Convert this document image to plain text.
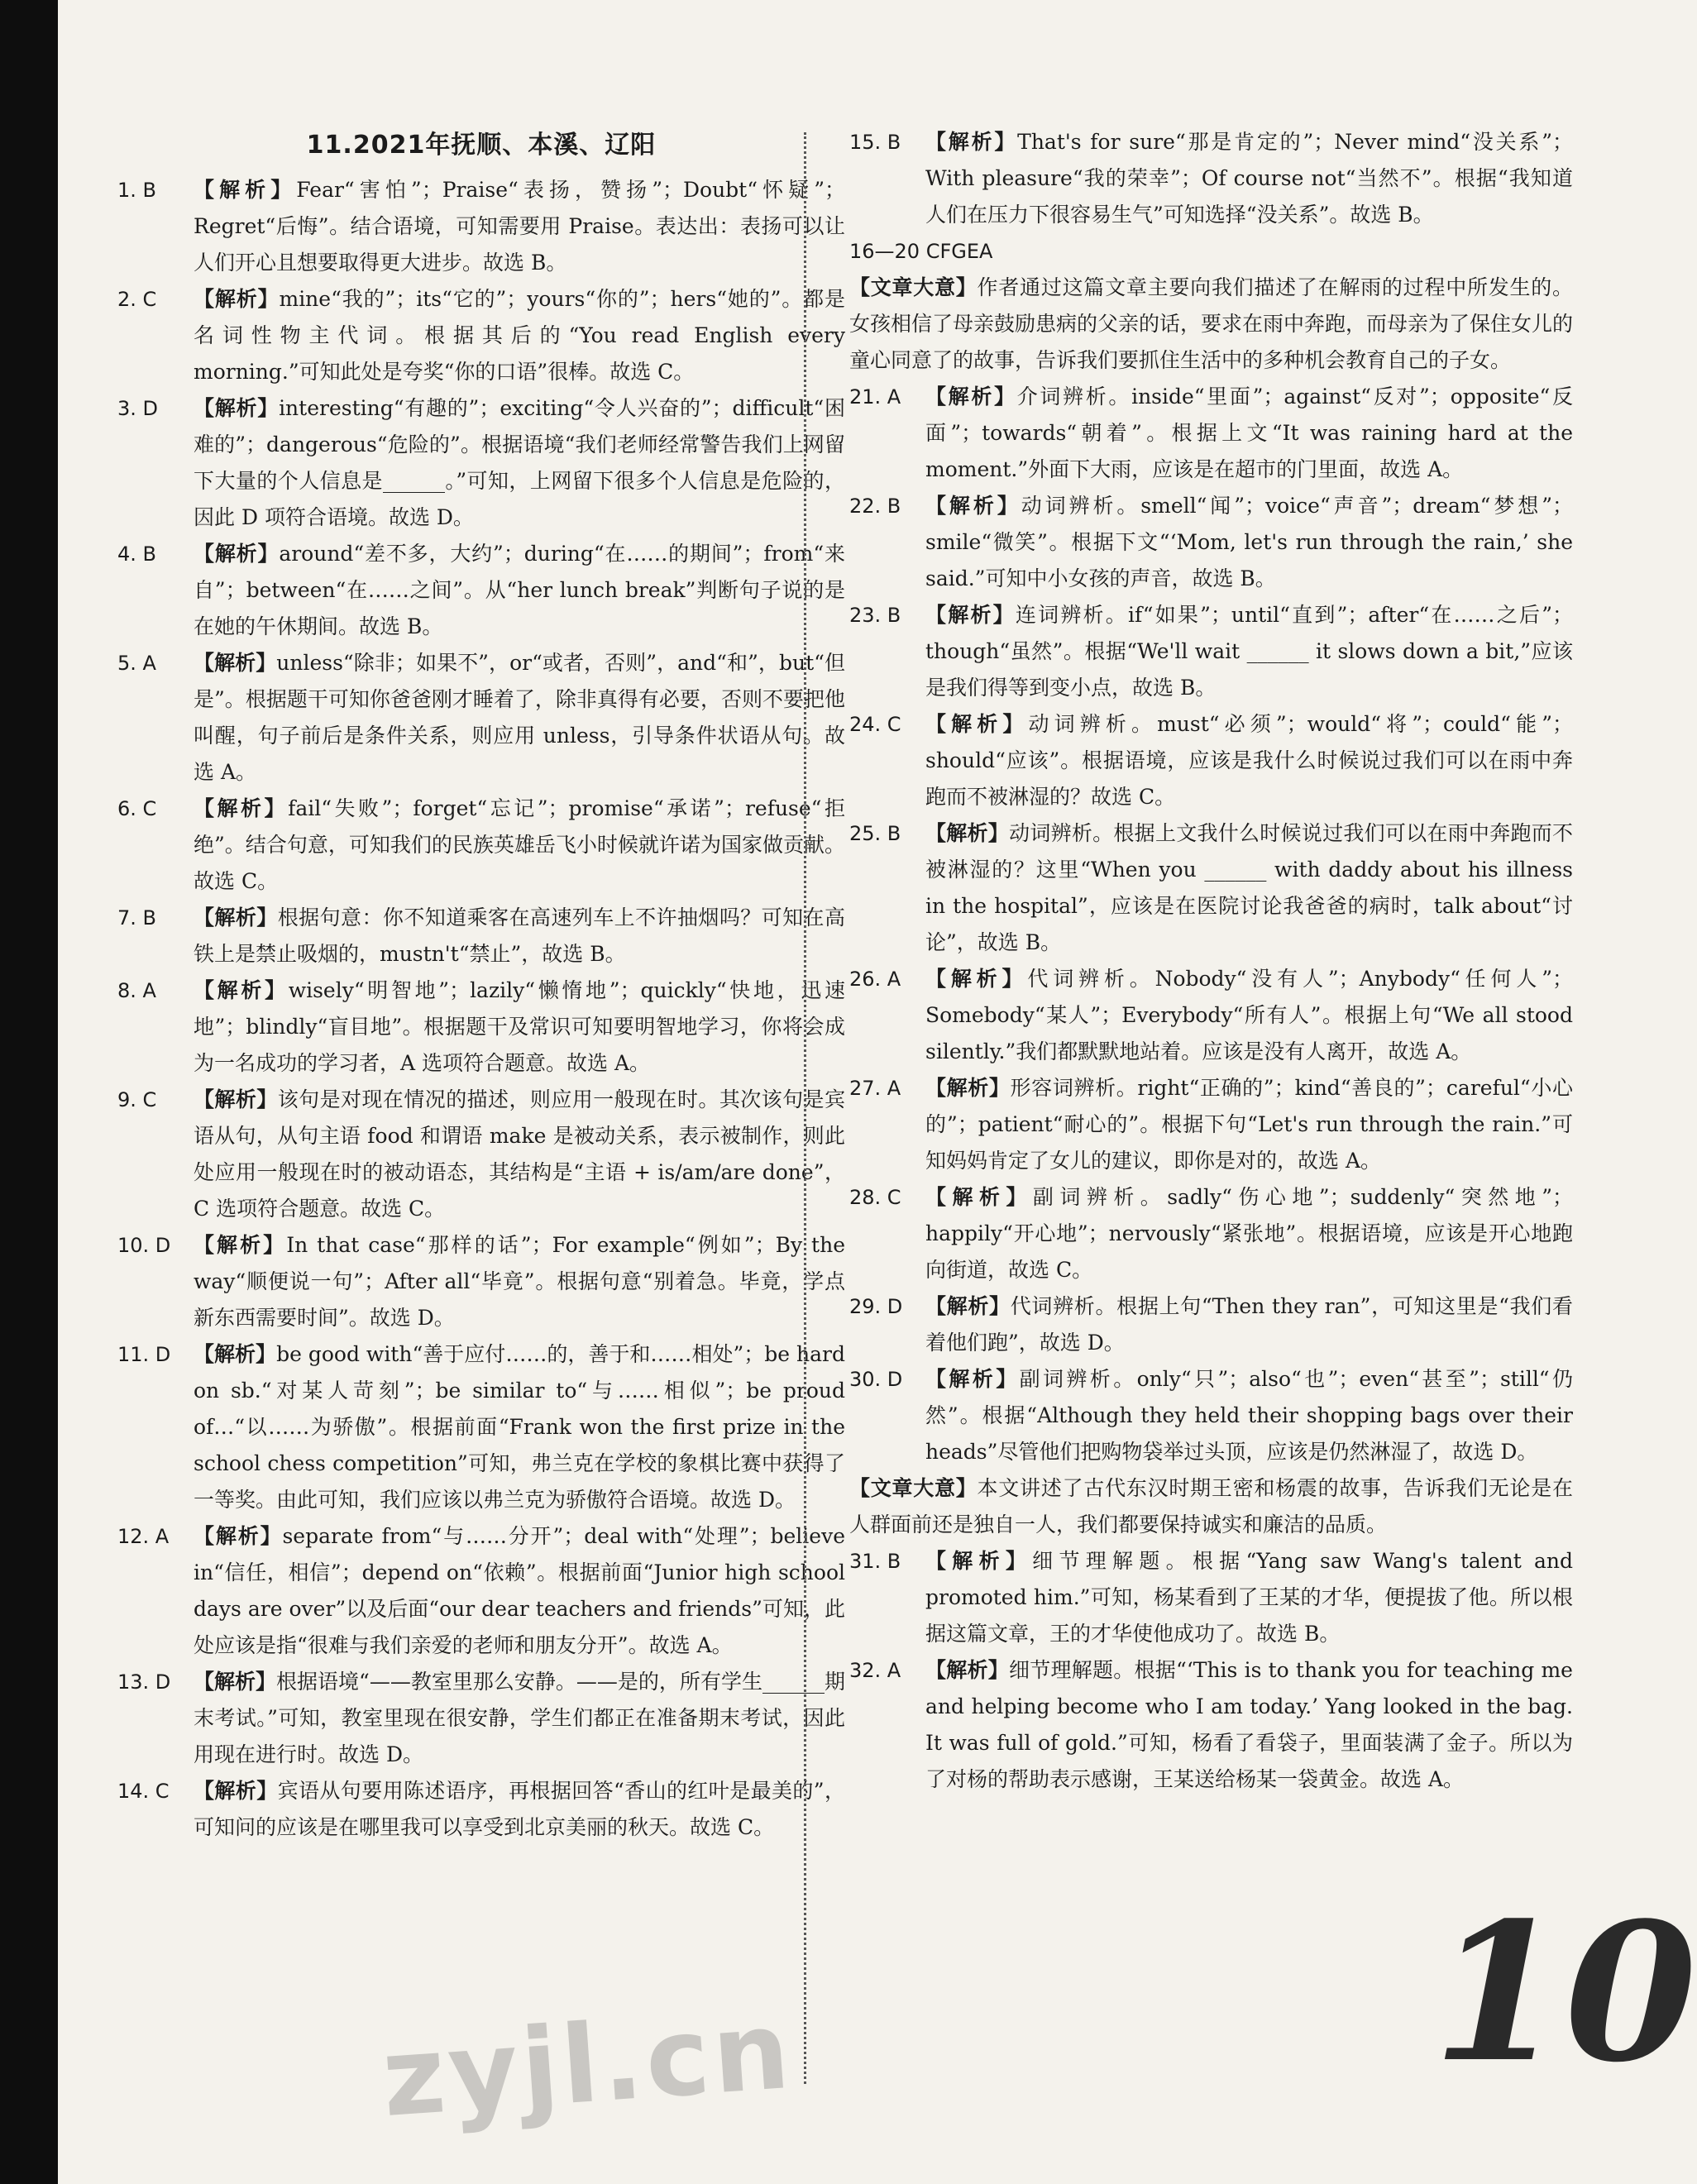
11.2021年抚顺、本溪、辽阳
1. B 【解析】Fear“害怕”；Praise“表扬，赞扬”；Doubt“怀疑”；Regret“后悔”。结合语境，可知需要用 Praise。表达出：表扬可以让人们开心且想要取得更大进步。故选 B。
2. C 【解析】mine“我的”；its“它的”；yours“你的”；hers“她的”。都是名词性物主代词。根据其后的“You read English every morning.”可知此处是夸奖“你的口语”很棒。故选 C。
3. D 【解析】interesting“有趣的”；exciting“令人兴奋的”；difficult“困难的”；dangerous“危险的”。根据语境“我们老师经常警告我们上网留下大量的个人信息是______。”可知，上网留下很多个人信息是危险的，因此 D 项符合语境。故选 D。
4. B 【解析】around“差不多，大约”；during“在……的期间”；from“来自”；between“在……之间”。从“her lunch break”判断句子说的是在她的午休期间。故选 B。
5. A 【解析】unless“除非；如果不”，or“或者，否则”，and“和”，but“但是”。根据题干可知你爸爸刚才睡着了，除非真得有必要，否则不要把他叫醒，句子前后是条件关系，则应用 unless，引导条件状语从句。故选 A。
6. C 【解析】fail“失败”；forget“忘记”；promise“承诺”；refuse“拒绝”。结合句意，可知我们的民族英雄岳飞小时候就许诺为国家做贡献。故选 C。
7. B 【解析】根据句意：你不知道乘客在高速列车上不许抽烟吗？可知在高铁上是禁止吸烟的，mustn't“禁止”，故选 B。
8. A 【解析】wisely“明智地”；lazily“懒惰地”；quickly“快地，迅速地”；blindly“盲目地”。根据题干及常识可知要明智地学习，你将会成为一名成功的学习者，A 选项符合题意。故选 A。
9. C 【解析】该句是对现在情况的描述，则应用一般现在时。其次该句是宾语从句，从句主语 food 和谓语 make 是被动关系，表示被制作，则此处应用一般现在时的被动语态，其结构是“主语 + is/am/are done”，C 选项符合题意。故选 C。
10. D 【解析】In that case“那样的话”；For example“例如”；By the way“顺便说一句”；After all“毕竟”。根据句意“别着急。毕竟，学点新东西需要时间”。故选 D。
11. D 【解析】be good with“善于应付……的，善于和……相处”；be hard on sb.“对某人苛刻”；be similar to“与……相似”；be proud of…“以……为骄傲”。根据前面“Frank won the first prize in the school chess competition”可知，弗兰克在学校的象棋比赛中获得了一等奖。由此可知，我们应该以弗兰克为骄傲符合语境。故选 D。
12. A 【解析】separate from“与……分开”；deal with“处理”；believe in“信任，相信”；depend on“依赖”。根据前面“Junior high school days are over”以及后面“our dear teachers and friends”可知，此处应该是指“很难与我们亲爱的老师和朋友分开”。故选 A。
13. D 【解析】根据语境“——教室里那么安静。——是的，所有学生______期末考试。”可知，教室里现在很安静，学生们都正在准备期末考试，因此用现在进行时。故选 D。
14. C 【解析】宾语从句要用陈述语序，再根据回答“香山的红叶是最美的”，可知问的应该是在哪里我可以享受到北京美丽的秋天。故选 C。
15. B 【解析】That's for sure“那是肯定的”；Never mind“没关系”；With pleasure“我的荣幸”；Of course not“当然不”。根据“我知道人们在压力下很容易生气”可知选择“没关系”。故选 B。
16—20 CFGEA
【文章大意】作者通过这篇文章主要向我们描述了在解雨的过程中所发生的。女孩相信了母亲鼓励患病的父亲的话，要求在雨中奔跑，而母亲为了保住女儿的童心同意了的故事，告诉我们要抓住生活中的多种机会教育自己的子女。
21. A 【解析】介词辨析。inside“里面”；against“反对”；opposite“反面”；towards“朝着”。根据上文“It was raining hard at the moment.”外面下大雨，应该是在超市的门里面，故选 A。
22. B 【解析】动词辨析。smell“闻”；voice“声音”；dream“梦想”；smile“微笑”。根据下文“‘Mom, let's run through the rain,’ she said.”可知中小女孩的声音，故选 B。
23. B 【解析】连词辨析。if“如果”；until“直到”；after“在……之后”；though“虽然”。根据“We'll wait ______ it slows down a bit,”应该是我们得等到变小点，故选 B。
24. C 【解析】动词辨析。must“必须”；would“将”；could“能”；should“应该”。根据语境，应该是我什么时候说过我们可以在雨中奔跑而不被淋湿的？故选 C。
25. B 【解析】动词辨析。根据上文我什么时候说过我们可以在雨中奔跑而不被淋湿的？这里“When you ______ with daddy about his illness in the hospital”，应该是在医院讨论我爸爸的病时，talk about“讨论”，故选 B。
26. A 【解析】代词辨析。Nobody“没有人”；Anybody“任何人”；Somebody“某人”；Everybody“所有人”。根据上句“We all stood silently.”我们都默默地站着。应该是没有人离开，故选 A。
27. A 【解析】形容词辨析。right“正确的”；kind“善良的”；careful“小心的”；patient“耐心的”。根据下句“Let's run through the rain.”可知妈妈肯定了女儿的建议，即你是对的，故选 A。
28. C 【解析】副词辨析。sadly“伤心地”；suddenly“突然地”；happily“开心地”；nervously“紧张地”。根据语境，应该是开心地跑向街道，故选 C。
29. D 【解析】代词辨析。根据上句“Then they ran”，可知这里是“我们看着他们跑”，故选 D。
30. D 【解析】副词辨析。only“只”；also“也”；even“甚至”；still“仍然”。根据“Although they held their shopping bags over their heads”尽管他们把购物袋举过头顶，应该是仍然淋湿了，故选 D。
【文章大意】本文讲述了古代东汉时期王密和杨震的故事，告诉我们无论是在人群面前还是独自一人，我们都要保持诚实和廉洁的品质。
31. B 【解析】细节理解题。根据“Yang saw Wang's talent and promoted him.”可知，杨某看到了王某的才华，便提拔了他。所以根据这篇文章，王的才华使他成功了。故选 B。
32. A 【解析】细节理解题。根据“‘This is to thank you for teaching me and helping become who I am today.’ Yang looked in the bag. It was full of gold.”可知，杨看了看袋子，里面装满了金子。所以为了对杨的帮助表示感谢，王某送给杨某一袋黄金。故选 A。
zyjl.cn	10
